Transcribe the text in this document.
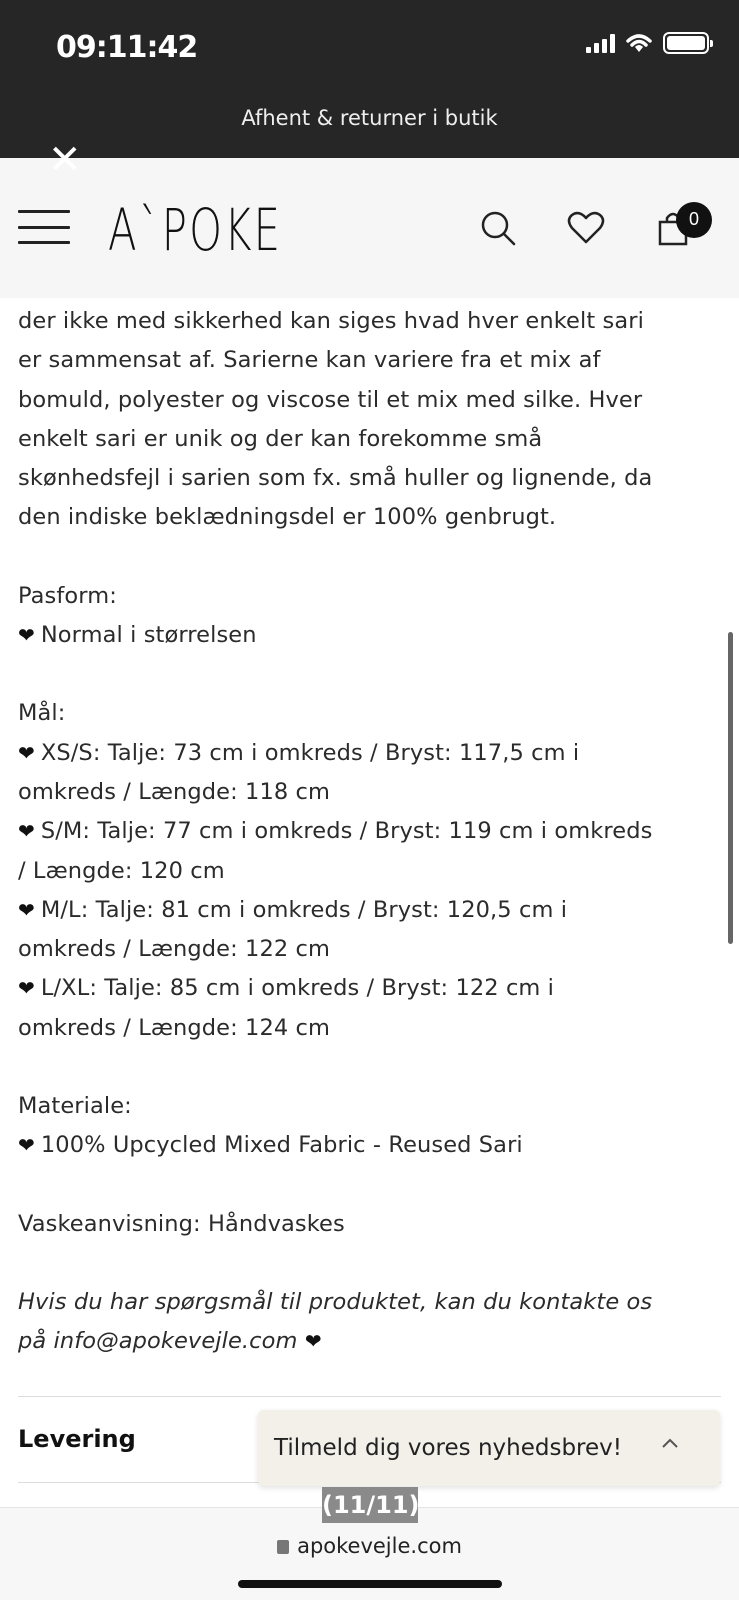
09:11:42
Afhent & returner i butik
✕
A`POKE	0

der ikke med sikkerhed kan siges hvad hver enkelt sari

er sammensat af. Sarierne kan variere fra et mix af

bomuld, polyester og viscose til et mix med silke. Hver

enkelt sari er unik og der kan forekomme små

skønhedsfejl i sarien som fx. små huller og lignende, da

den indiske beklædningsdel er 100% genbrugt.

Pasform:

❤ Normal i størrelsen

Mål:

❤ XS/S: Talje: 73 cm i omkreds / Bryst: 117,5 cm i

omkreds / Længde: 118 cm

❤ S/M: Talje: 77 cm i omkreds / Bryst: 119 cm i omkreds

/ Længde: 120 cm

❤ M/L: Talje: 81 cm i omkreds / Bryst: 120,5 cm i

omkreds / Længde: 122 cm

❤ L/XL: Talje: 85 cm i omkreds / Bryst: 122 cm i

omkreds / Længde: 124 cm

Materiale:

❤ 100% Upcycled Mixed Fabric - Reused Sari

Vaskeanvisning: Håndvaskes

Hvis du har spørgsmål til produktet, kan du kontakte os

på info@apokevejle.com ❤

Levering	Tilmeld dig vores nyhedsbrev!
apokevejle.com
(11/11)
